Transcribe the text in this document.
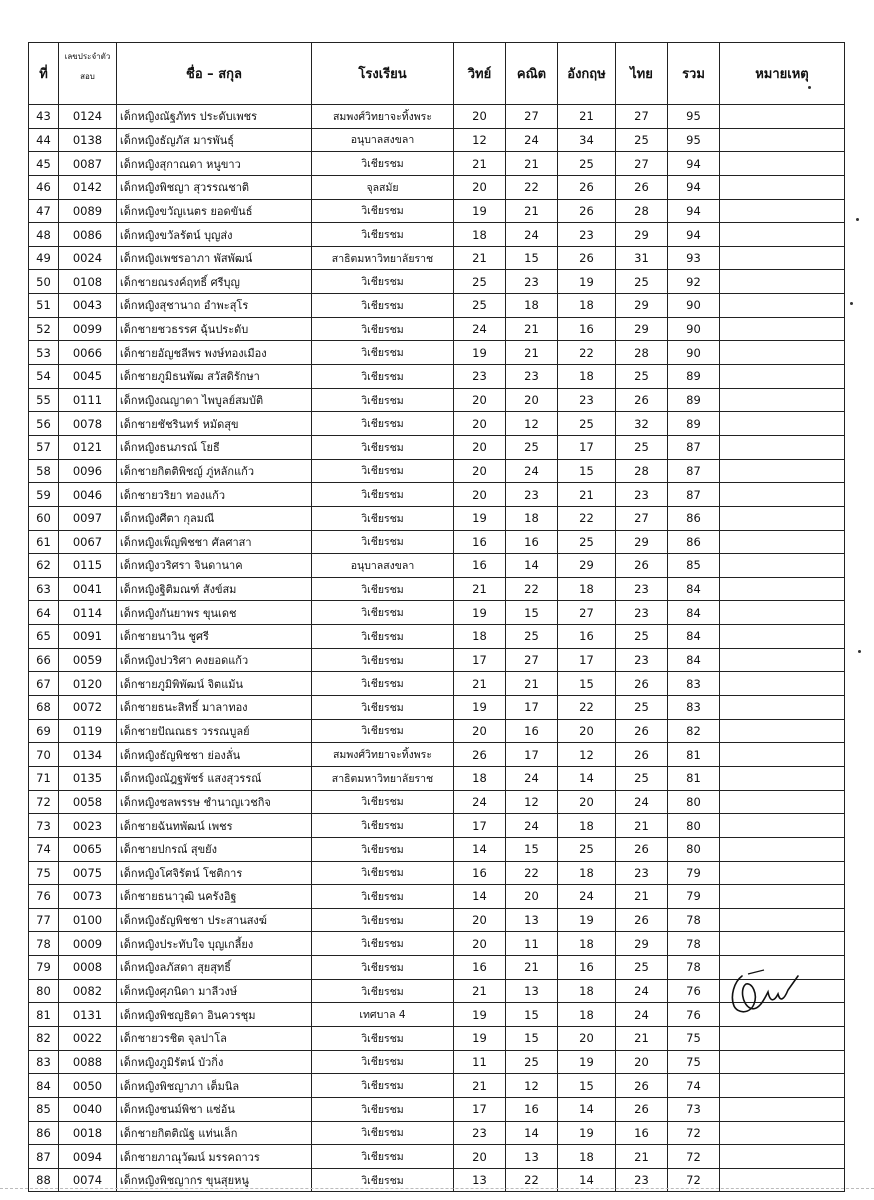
ที่	เลขประจำตัวสอบ	ชื่อ – สกุล	โรงเรียน	วิทย์	คณิต	อังกฤษ	ไทย	รวม	หมายเหตุ
43	0124	เด็กหญิงณัฐภัทร ประดับเพชร	สมพงศ์วิทยาจะทิ้งพระ	20	27	21	27	95	
44	0138	เด็กหญิงธัญภัส มารพันธุ์	อนุบาลสงขลา	12	24	34	25	95	
45	0087	เด็กหญิงสุกาณดา หนูขาว	วิเชียรชม	21	21	25	27	94	
46	0142	เด็กหญิงพิชญา สุวรรณชาติ	จุลสมัย	20	22	26	26	94	
47	0089	เด็กหญิงขวัญเนตร ยอดขันธ์	วิเชียรชม	19	21	26	28	94	
48	0086	เด็กหญิงขวัลรัตน์ บุญส่ง	วิเชียรชม	18	24	23	29	94	
49	0024	เด็กหญิงเพชรอาภา พัสพัฒน์	สาธิตมหาวิทยาลัยราช	21	15	26	31	93	
50	0108	เด็กชายณรงค์ฤทธิ์ ศรีบุญ	วิเชียรชม	25	23	19	25	92	
51	0043	เด็กหญิงสุชานาถ อำพะสุโร	วิเชียรชม	25	18	18	29	90	
52	0099	เด็กชายชวธรรศ ฉุ้นประดับ	วิเชียรชม	24	21	16	29	90	
53	0066	เด็กชายอัญชลีพร พงษ์ทองเมือง	วิเชียรชม	19	21	22	28	90	
54	0045	เด็กชายภูมิธนพัฒ สวัสดิรักษา	วิเชียรชม	23	23	18	25	89	
55	0111	เด็กหญิงณญาดา ไพบูลย์สมบัติ	วิเชียรชม	20	20	23	26	89	
56	0078	เด็กชายชัชรินทร์ หมัดสุข	วิเชียรชม	20	12	25	32	89	
57	0121	เด็กหญิงธนภรณ์ โยธี	วิเชียรชม	20	25	17	25	87	
58	0096	เด็กชายกิตติพิชญ์ ภู่หลักแก้ว	วิเชียรชม	20	24	15	28	87	
59	0046	เด็กชายวริยา ทองแก้ว	วิเชียรชม	20	23	21	23	87	
60	0097	เด็กหญิงศีตา กุลมณี	วิเชียรชม	19	18	22	27	86	
61	0067	เด็กหญิงเพ็ญพิชชา ศัลศาสา	วิเชียรชม	16	16	25	29	86	
62	0115	เด็กหญิงวริศรา จินดานาค	อนุบาลสงขลา	16	14	29	26	85	
63	0041	เด็กหญิงฐิติมณฑ์ สังข์สม	วิเชียรชม	21	22	18	23	84	
64	0114	เด็กหญิงกันยาพร ขุนเดช	วิเชียรชม	19	15	27	23	84	
65	0091	เด็กชายนาวิน ชูศรี	วิเชียรชม	18	25	16	25	84	
66	0059	เด็กหญิงปวริศา คงยอดแก้ว	วิเชียรชม	17	27	17	23	84	
67	0120	เด็กชายภูมิพิพัฒน์ จิตแม้น	วิเชียรชม	21	21	15	26	83	
68	0072	เด็กชายธนะสิทธิ์ มาลาทอง	วิเชียรชม	19	17	22	25	83	
69	0119	เด็กชายปัณณธร วรรณบูลย์	วิเชียรชม	20	16	20	26	82	
70	0134	เด็กหญิงธัญพิชชา ย่องลั่น	สมพงศ์วิทยาจะทิ้งพระ	26	17	12	26	81	
71	0135	เด็กหญิงณัฎฐพัชร์ แสงสุวรรณ์	สาธิตมหาวิทยาลัยราช	18	24	14	25	81	
72	0058	เด็กหญิงชลพรรษ ชำนาญเวชกิจ	วิเชียรชม	24	12	20	24	80	
73	0023	เด็กชายฉันทพัฒน์ เพชร	วิเชียรชม	17	24	18	21	80	
74	0065	เด็กชายปกรณ์ สุขยัง	วิเชียรชม	14	15	25	26	80	
75	0075	เด็กหญิงโศจิรัตน์ โชติการ	วิเชียรชม	16	22	18	23	79	
76	0073	เด็กชายธนาวุฒิ นครังอิฐ	วิเชียรชม	14	20	24	21	79	
77	0100	เด็กหญิงธัญพิชชา ประสานสงฆ์	วิเชียรชม	20	13	19	26	78	
78	0009	เด็กหญิงประทับใจ บุญเกลี้ยง	วิเชียรชม	20	11	18	29	78	
79	0008	เด็กหญิงลภัสดา สุยสุทธิ์	วิเชียรชม	16	21	16	25	78	
80	0082	เด็กหญิงศุภนิดา มาลีวงษ์	วิเชียรชม	21	13	18	24	76	
81	0131	เด็กหญิงพิชญธิดา อินควรชุม	เทศบาล 4	19	15	18	24	76	
82	0022	เด็กชายวรชิต จุลปาโล	วิเชียรชม	19	15	20	21	75	
83	0088	เด็กหญิงภูมิรัตน์ บัวกิ่ง	วิเชียรชม	11	25	19	20	75	
84	0050	เด็กหญิงพิชญาภา เต็มนิล	วิเชียรชม	21	12	15	26	74	
85	0040	เด็กหญิงชนม์พิชา แซ่อ้น	วิเชียรชม	17	16	14	26	73	
86	0018	เด็กชายกิตติณัฐ แท่นเล็ก	วิเชียรชม	23	14	19	16	72	
87	0094	เด็กชายภาณุวัฒน์ มรรคถาวร	วิเชียรชม	20	13	18	21	72	
88	0074	เด็กหญิงพิชญากร ขุนสุยหนู	วิเชียรชม	13	22	14	23	72	
